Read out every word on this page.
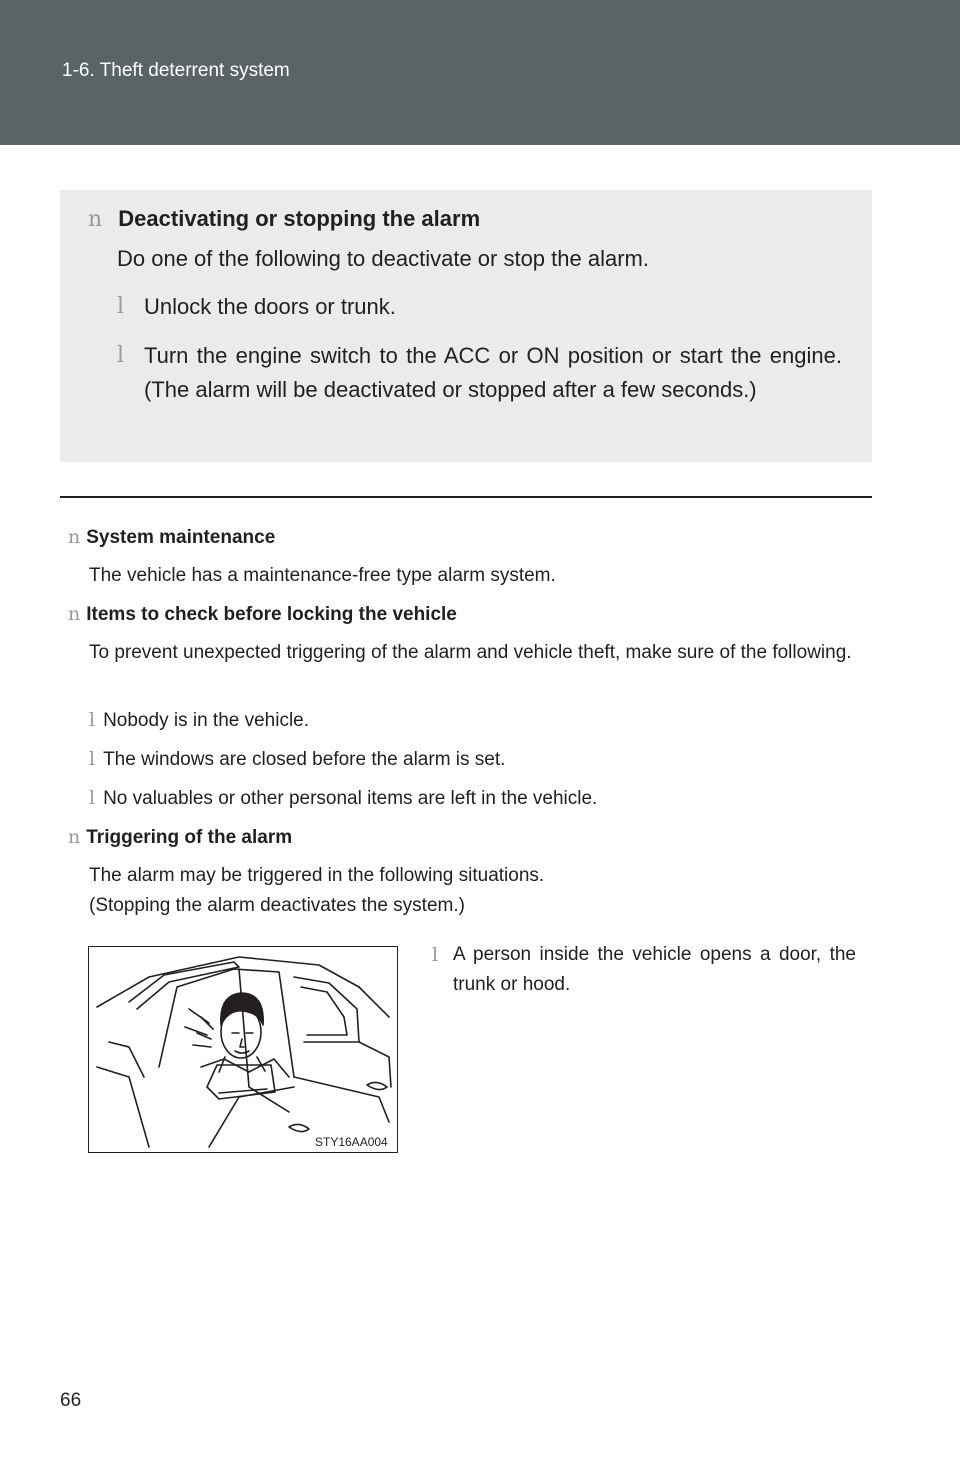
1-6. Theft deterrent system
n Deactivating or stopping the alarm
Do one of the following to deactivate or stop the alarm.
l Unlock the doors or trunk.
l Turn the engine switch to the ACC or ON position or start the engine. (The alarm will be deactivated or stopped after a few seconds.)
n System maintenance
The vehicle has a maintenance-free type alarm system.
n Items to check before locking the vehicle
To prevent unexpected triggering of the alarm and vehicle theft, make sure of the following.
l Nobody is in the vehicle.
l The windows are closed before the alarm is set.
l No valuables or other personal items are left in the vehicle.
n Triggering of the alarm
The alarm may be triggered in the following situations.
(Stopping the alarm deactivates the system.)
STY16AA004
l A person inside the vehicle opens a door, the trunk or hood.
66
